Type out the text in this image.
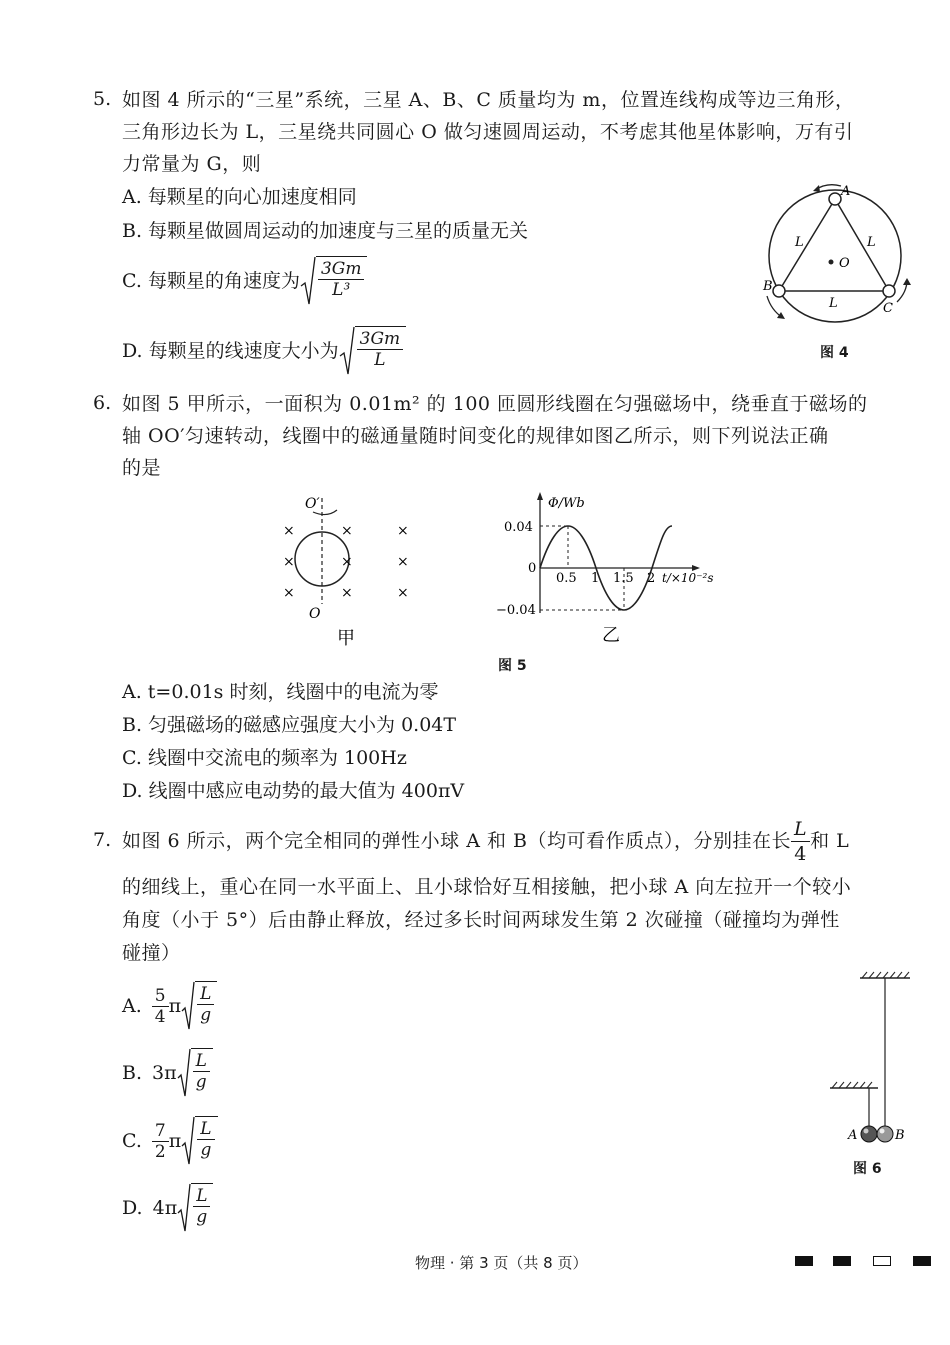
5. 如图 4 所示的“三星”系统，三星 A、B、C 质量均为 m，位置连线构成等边三角形，
三角形边长为 L，三星绕共同圆心 O 做匀速圆周运动，不考虑其他星体影响，万有引
力常量为 G，则
A. 每颗星的向心加速度相同
B. 每颗星做圆周运动的加速度与三星的质量无关
C. 每颗星的角速度为 $\frac{3Gm}{\text{L³}}$
D. 每颗星的线速度大小为 $\frac{3Gm}{L}$
A
B
C
O
L	L
L
图 4
6. 如图 5 甲所示，一面积为 0.01m² 的 100 匝圆形线圈在匀强磁场中，绕垂直于磁场的
轴 OO′匀速转动，线圈中的磁通量随时间变化的规律如图乙所示，则下列说法正确
的是
O′
O
×	×	×
×	×	×
×	×	×
甲
Φ/Wb
t/×10⁻²s
0.04
0
−0.04
0.5 1 1.5 2
乙
图 5
A. t=0.01s 时刻，线圈中的电流为零
B. 匀强磁场的磁感应强度大小为 0.04T
C. 线圈中交流电的频率为 100Hz
D. 线圈中感应电动势的最大值为 400πV
7. 如图 6 所示，两个完全相同的弹性小球 A 和 B（均可看作质点），分别挂在长 $\frac{L}{4}$ 和 L
的细线上，重心在同一水平面上、且小球恰好互相接触，把小球 A 向左拉开一个较小
角度（小于 5°）后由静止释放，经过多长时间两球发生第 2 次碰撞（碰撞均为弹性
碰撞）
A. $\frac{5}{4}$ π $\frac{L}{g}$
B. $3\pi \frac{L}{g}$
C. $\frac{7}{2}$ π $\frac{L}{g}$
D. $4\pi \frac{L}{g}$
A	B
图 6
物理 · 第 3 页（共 8 页）
